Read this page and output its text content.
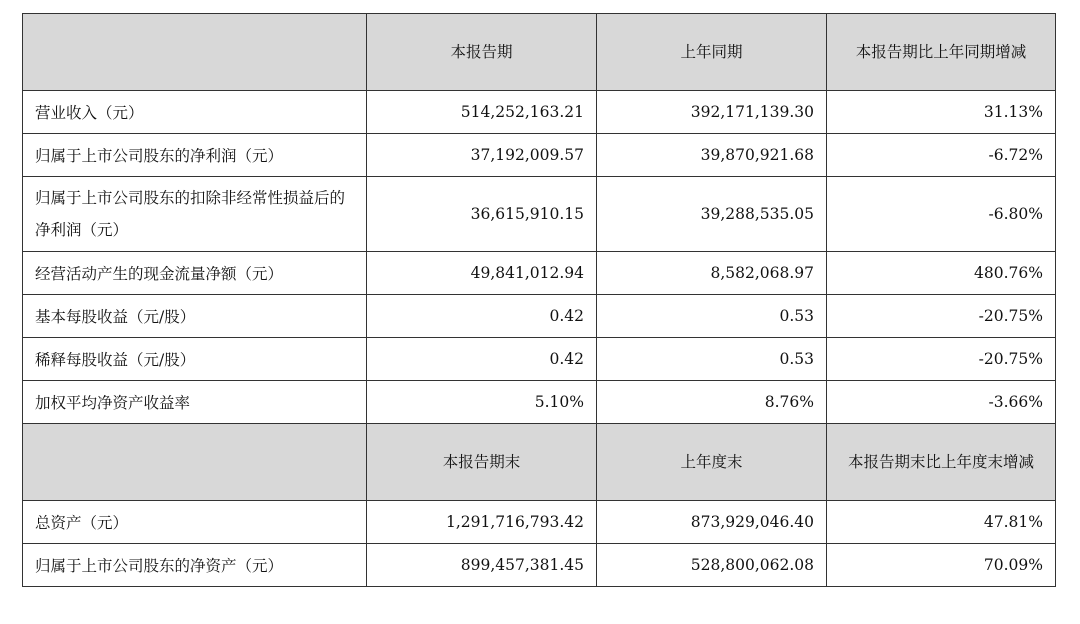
	本报告期	上年同期	本报告期比上年同期增减
营业收入（元）	514,252,163.21	392,171,139.30	31.13%
归属于上市公司股东的净利润（元）	37,192,009.57	39,870,921.68	-6.72%
归属于上市公司股东的扣除非经常性损益后的净利润（元）	36,615,910.15	39,288,535.05	-6.80%
经营活动产生的现金流量净额（元）	49,841,012.94	8,582,068.97	480.76%
基本每股收益（元/股）	0.42	0.53	-20.75%
稀释每股收益（元/股）	0.42	0.53	-20.75%
加权平均净资产收益率	5.10%	8.76%	-3.66%
	本报告期末	上年度末	本报告期末比上年度末增减
总资产（元）	1,291,716,793.42	873,929,046.40	47.81%
归属于上市公司股东的净资产（元）	899,457,381.45	528,800,062.08	70.09%
